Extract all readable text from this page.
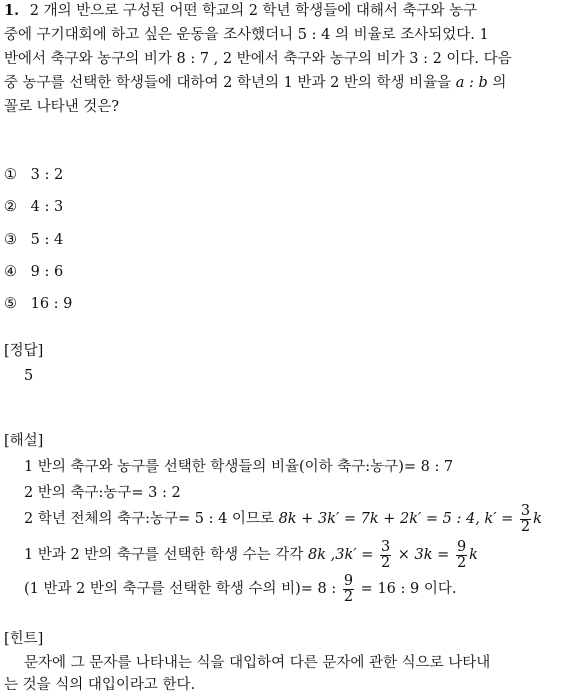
1. 2 개의 반으로 구성된 어떤 학교의 2 학년 학생들에 대해서 축구와 농구
중에 구기대회에 하고 싶은 운동을 조사했더니 5 : 4 의 비율로 조사되었다. 1
반에서 축구와 농구의 비가 8 : 7 , 2 반에서 축구와 농구의 비가 3 : 2 이다. 다음
중 농구를 선택한 학생들에 대하여 2 학년의 1 반과 2 반의 학생 비율을 a : b 의
꼴로 나타낸 것은?
① 3 : 2
② 4 : 3
③ 5 : 4
④ 9 : 6
⑤ 16 : 9
[정답]
5
[해설]
1 반의 축구와 농구를 선택한 학생들의 비율(이하 축구:농구)= 8 : 7
2 반의 축구:농구= 3 : 2
2 학년 전체의 축구:농구= 5 : 4 이므로 8k + 3k′ = 7k + 2k′ = 5 : 4, $k' = \frac{3}{2}$ k
1 반과 2 반의 축구를 선택한 학생 수는 각각 8k $,3k' = \frac{3}{2} \times 3k = \frac{9}{2}$ k
(1 반과 2 반의 축구를 선택한 학생 수의 비)= 8 : $\frac{9}{2} = 16$ : 9 이다.
[힌트]
문자에 그 문자를 나타내는 식을 대입하여 다른 문자에 관한 식으로 나타내
는 것을 식의 대입이라고 한다.
